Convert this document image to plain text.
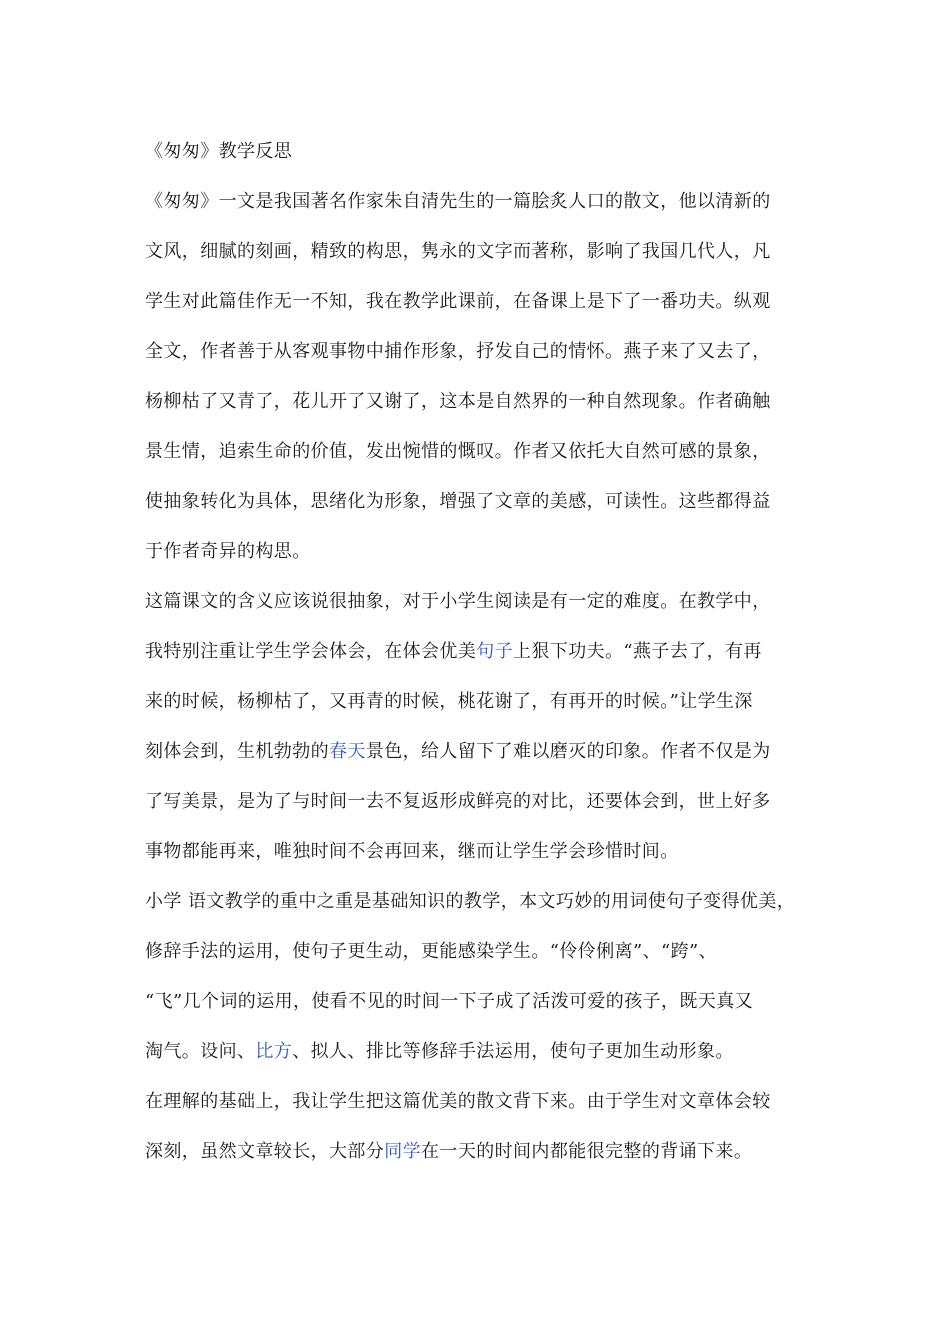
《匆匆》教学反思
《匆匆》一文是我国著名作家朱自清先生的一篇脍炙人口的散文，他以清新的
文风，细腻的刻画，精致的构思，隽永的文字而著称，影响了我国几代人，凡
学生对此篇佳作无一不知，我在教学此课前，在备课上是下了一番功夫。纵观
全文，作者善于从客观事物中捕作形象，抒发自己的情怀。燕子来了又去了，
杨柳枯了又青了，花儿开了又谢了，这本是自然界的一种自然现象。作者确触
景生情，追索生命的价值，发出惋惜的慨叹。作者又依托大自然可感的景象，
使抽象转化为具体，思绪化为形象，增强了文章的美感，可读性。这些都得益
于作者奇异的构思。
这篇课文的含义应该说很抽象，对于小学生阅读是有一定的难度。在教学中，
我特别注重让学生学会体会，在体会优美句子上狠下功夫。“燕子去了，有再
来的时候，杨柳枯了，又再青的时候，桃花谢了，有再开的时候。”让学生深
刻体会到，生机勃勃的春天景色，给人留下了难以磨灭的印象。作者不仅是为
了写美景，是为了与时间一去不复返形成鲜亮的对比，还要体会到，世上好多
事物都能再来，唯独时间不会再回来，继而让学生学会珍惜时间。
小学 语文教学的重中之重是基础知识的教学，本文巧妙的用词使句子变得优美，
修辞手法的运用，使句子更生动，更能感染学生。“伶伶俐离”、“跨”、
“飞”几个词的运用，使看不见的时间一下子成了活泼可爱的孩子，既天真又
淘气。设问、比方、拟人、排比等修辞手法运用，使句子更加生动形象。
在理解的基础上，我让学生把这篇优美的散文背下来。由于学生对文章体会较
深刻，虽然文章较长，大部分同学在一天的时间内都能很完整的背诵下来。
